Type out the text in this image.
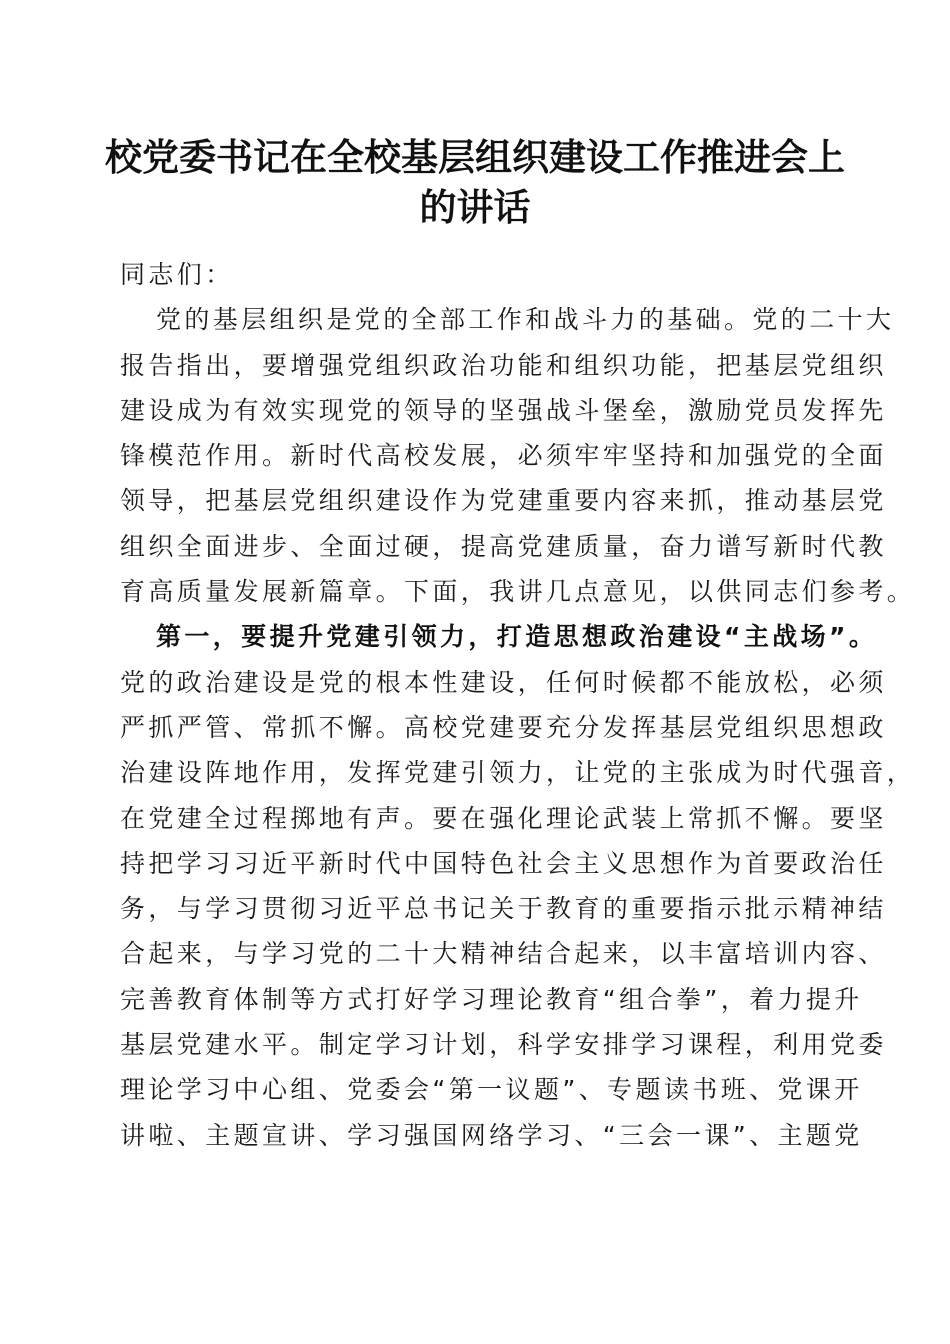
校党委书记在全校基层组织建设工作推进会上
的讲话
同志们：
党的基层组织是党的全部工作和战斗力的基础。党的二十大
报告指出，要增强党组织政治功能和组织功能，把基层党组织
建设成为有效实现党的领导的坚强战斗堡垒，激励党员发挥先
锋模范作用。新时代高校发展，必须牢牢坚持和加强党的全面
领导，把基层党组织建设作为党建重要内容来抓，推动基层党
组织全面进步、全面过硬，提高党建质量，奋力谱写新时代教
育高质量发展新篇章。下面，我讲几点意见，以供同志们参考。
第一，要提升党建引领力，打造思想政治建设“主战场”。
党的政治建设是党的根本性建设，任何时候都不能放松，必须
严抓严管、常抓不懈。高校党建要充分发挥基层党组织思想政
治建设阵地作用，发挥党建引领力，让党的主张成为时代强音，
在党建全过程掷地有声。要在强化理论武装上常抓不懈。要坚
持把学习习近平新时代中国特色社会主义思想作为首要政治任
务，与学习贯彻习近平总书记关于教育的重要指示批示精神结
合起来，与学习党的二十大精神结合起来，以丰富培训内容、
完善教育体制等方式打好学习理论教育“组合拳”，着力提升
基层党建水平。制定学习计划，科学安排学习课程，利用党委
理论学习中心组、党委会“第一议题”、专题读书班、党课开
讲啦、主题宣讲、学习强国网络学习、“三会一课”、主题党
